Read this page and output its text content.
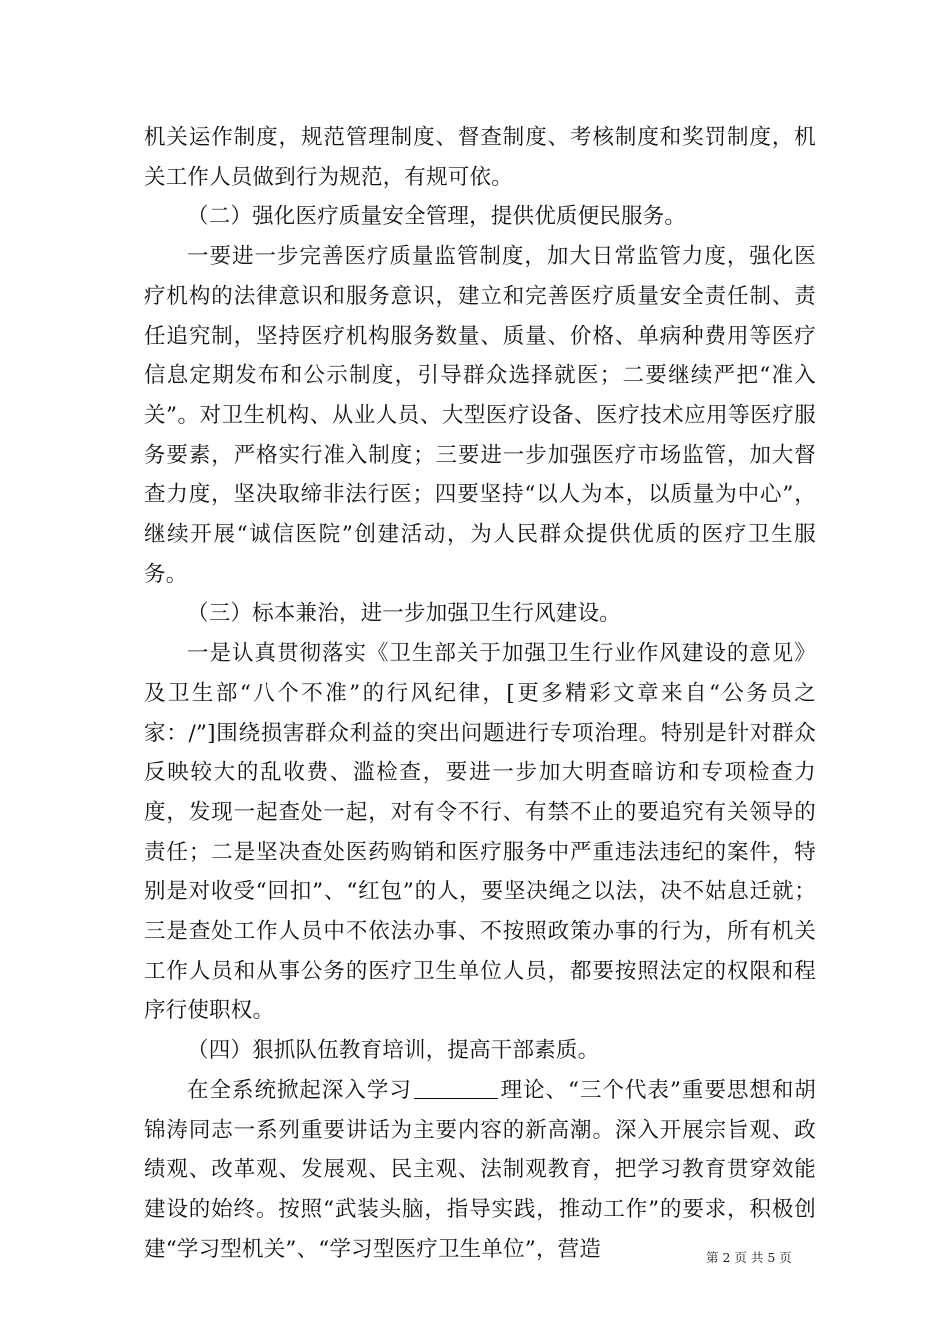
机关运作制度，规范管理制度、督查制度、考核制度和奖罚制度，机关工作人员做到行为规范，有规可依。

（二）强化医疗质量安全管理，提供优质便民服务。

一要进一步完善医疗质量监管制度，加大日常监管力度，强化医疗机构的法律意识和服务意识，建立和完善医疗质量安全责任制、责任追究制，坚持医疗机构服务数量、质量、价格、单病种费用等医疗信息定期发布和公示制度，引导群众选择就医；二要继续严把“准入关”。对卫生机构、从业人员、大型医疗设备、医疗技术应用等医疗服务要素，严格实行准入制度；三要进一步加强医疗市场监管，加大督查力度，坚决取缔非法行医；四要坚持“以人为本，以质量为中心”，继续开展“诚信医院”创建活动，为人民群众提供优质的医疗卫生服务。

（三）标本兼治，进一步加强卫生行风建设。

一是认真贯彻落实《卫生部关于加强卫生行业作风建设的意见》及卫生部“八个不准”的行风纪律，[更多精彩文章来自“公务员之家：/”]围绕损害群众利益的突出问题进行专项治理。特别是针对群众反映较大的乱收费、滥检查，要进一步加大明查暗访和专项检查力度，发现一起查处一起，对有令不行、有禁不止的要追究有关领导的责任；二是坚决查处医药购销和医疗服务中严重违法违纪的案件，特别是对收受“回扣”、“红包”的人，要坚决绳之以法，决不姑息迁就；三是查处工作人员中不依法办事、不按照政策办事的行为，所有机关工作人员和从事公务的医疗卫生单位人员，都要按照法定的权限和程序行使职权。

（四）狠抓队伍教育培训，提高干部素质。

在全系统掀起深入学习	理论、“三个代表”重要思想和胡锦涛同志一系列重要讲话为主要内容的新高潮。深入开展宗旨观、政绩观、改革观、发展观、民主观、法制观教育，把学习教育贯穿效能建设的始终。按照“武装头脑，指导实践，推动工作”的要求，积极创建“学习型机关”、“学习型医疗卫生单位”，营造	第 2 页 共 5 页
